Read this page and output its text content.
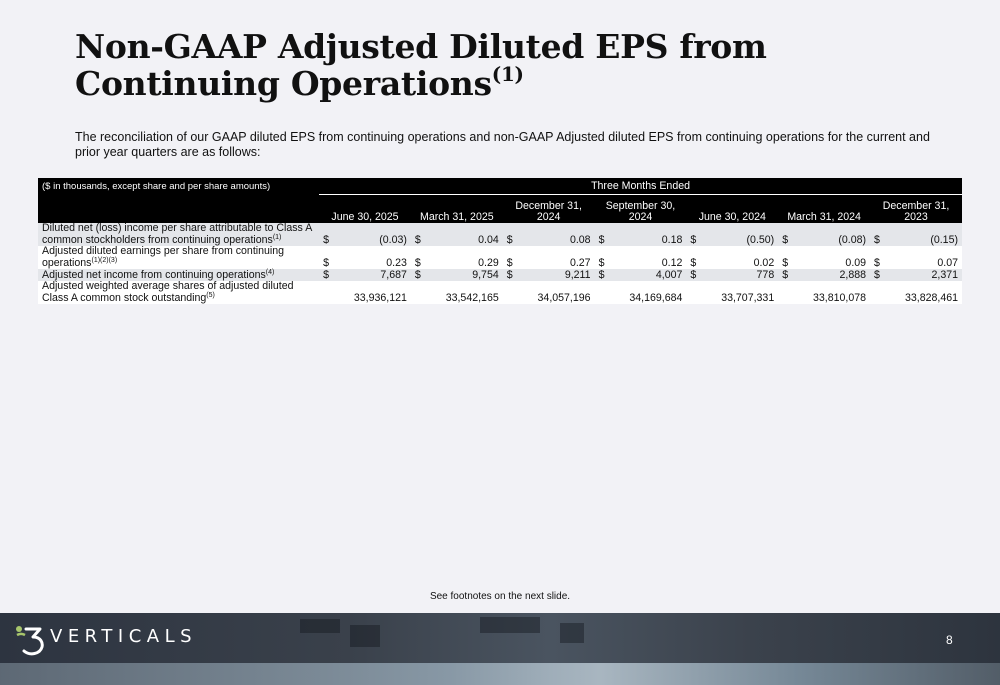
Non-GAAP Adjusted Diluted EPS from
Continuing Operations$^{(1)}$
The reconciliation of our GAAP diluted EPS from continuing operations and non-GAAP Adjusted diluted EPS from continuing operations for the current and prior year quarters are as follows:
($ in thousands, except share and per share amounts)	Three Months Ended													
	June 30, 2025		March 31, 2025		December 31, 2024		September 30, 2024		June 30, 2024		March 31, 2024		December 31, 2023	
Diluted net (loss) income per share attributable to Class A common stockholders from continuing operations$^{(1)}$	$	(0.03)	$	0.04	$	0.08	$	0.18	$	(0.50)	$	(0.08)	$	(0.15)
Adjusted diluted earnings per share from continuing operations$^{(1)(2)(3)}$	$	0.23	$	0.29	$	0.27	$	0.12	$	0.02	$	0.09	$	0.07
Adjusted net income from continuing operations$^{(4)}$	$	7,687	$	9,754	$	9,211	$	4,007	$	778	$	2,888	$	2,371
Adjusted weighted average shares of adjusted diluted Class A common stock outstanding$^{(5)}$		33,936,121		33,542,165		34,057,196		34,169,684		33,707,331		33,810,078		33,828,461
See footnotes on the next slide.
VERTICALS	8
